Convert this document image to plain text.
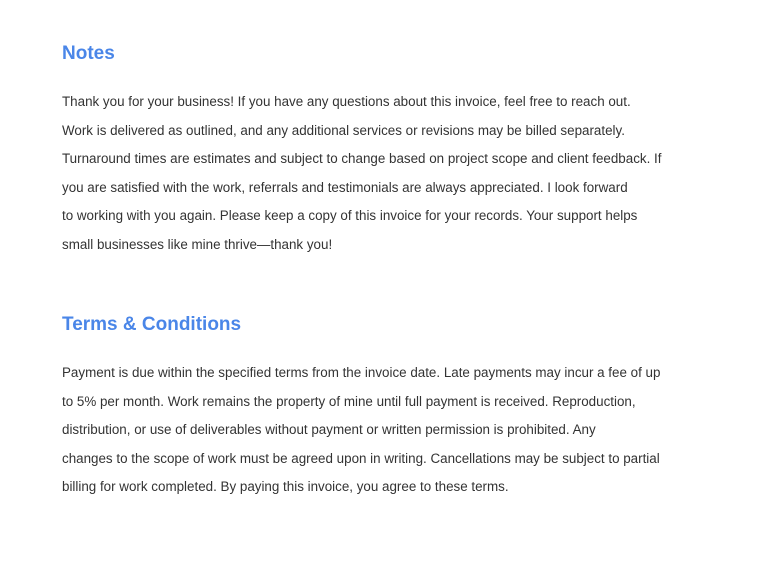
Notes
Thank you for your business! If you have any questions about this invoice, feel free to reach out.
Work is delivered as outlined, and any additional services or revisions may be billed separately.
Turnaround times are estimates and subject to change based on project scope and client feedback. If
you are satisfied with the work, referrals and testimonials are always appreciated. I look forward
to working with you again. Please keep a copy of this invoice for your records. Your support helps
small businesses like mine thrive—thank you!
Terms & Conditions
Payment is due within the specified terms from the invoice date. Late payments may incur a fee of up
to 5% per month. Work remains the property of mine until full payment is received. Reproduction,
distribution, or use of deliverables without payment or written permission is prohibited. Any
changes to the scope of work must be agreed upon in writing. Cancellations may be subject to partial
billing for work completed. By paying this invoice, you agree to these terms.
